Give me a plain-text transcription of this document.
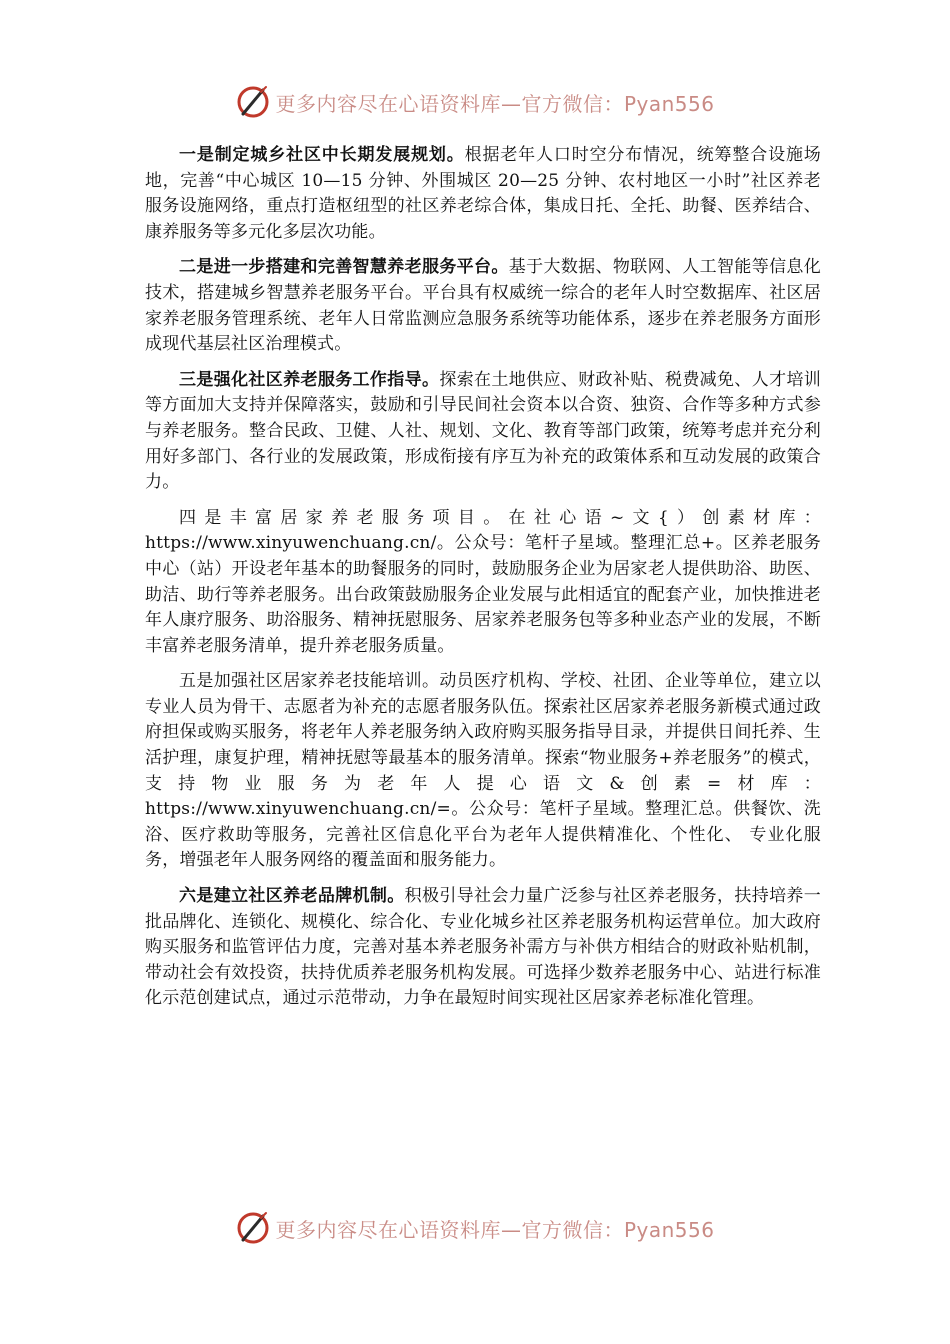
更多内容尽在心语资料库—官方微信：Pyan556

一是制定城乡社区中长期发展规划。根据老年人口时空分布情况，统筹整合设施场地，完善“中心城区 10—15 分钟、外围城区 20—25 分钟、农村地区一小时”社区养老服务设施网络，重点打造枢纽型的社区养老综合体，集成日托、全托、助餐、医养结合、康养服务等多元化多层次功能。

二是进一步搭建和完善智慧养老服务平台。基于大数据、物联网、人工智能等信息化技术，搭建城乡智慧养老服务平台。平台具有权威统一综合的老年人时空数据库、社区居家养老服务管理系统、老年人日常监测应急服务系统等功能体系，逐步在养老服务方面形成现代基层社区治理模式。

三是强化社区养老服务工作指导。探索在土地供应、财政补贴、税费减免、人才培训等方面加大支持并保障落实，鼓励和引导民间社会资本以合资、独资、合作等多种方式参与养老服务。整合民政、卫健、人社、规划、文化、教育等部门政策，统筹考虑并充分利用好多部门、各行业的发展政策，形成衔接有序互为补充的政策体系和互动发展的政策合力。

四是丰富居家养老服务项目。在社心语~文{）创素材库：https://www.xinyuwenchuang.cn/。公众号：笔杆子星域。整理汇总+。区养老服务中心（站）开设老年基本的助餐服务的同时，鼓励服务企业为居家老人提供助浴、助医、助洁、助行等养老服务。出台政策鼓励服务企业发展与此相适宜的配套产业，加快推进老年人康疗服务、助浴服务、精神抚慰服务、居家养老服务包等多种业态产业的发展，不断丰富养老服务清单，提升养老服务质量。

五是加强社区居家养老技能培训。动员医疗机构、学校、社团、企业等单位，建立以专业人员为骨干、志愿者为补充的志愿者服务队伍。探索社区居家养老服务新模式通过政府担保或购买服务，将老年人养老服务纳入政府购买服务指导目录，并提供日间托养、生活护理，康复护理，精神抚慰等最基本的服务清单。探索“物业服务+养老服务”的模式，支持物业服务为老年人提心语文&创素=材库：https://www.xinyuwenchuang.cn/=。公众号：笔杆子星域。整理汇总。供餐饮、洗浴、医疗救助等服务，完善社区信息化平台为老年人提供精准化、个性化、 专业化服务，增强老年人服务网络的覆盖面和服务能力。

六是建立社区养老品牌机制。积极引导社会力量广泛参与社区养老服务，扶持培养一批品牌化、连锁化、规模化、综合化、专业化城乡社区养老服务机构运营单位。加大政府购买服务和监管评估力度，完善对基本养老服务补需方与补供方相结合的财政补贴机制，带动社会有效投资，扶持优质养老服务机构发展。可选择少数养老服务中心、站进行标准化示范创建试点，通过示范带动，力争在最短时间实现社区居家养老标准化管理。

更多内容尽在心语资料库—官方微信：Pyan556
